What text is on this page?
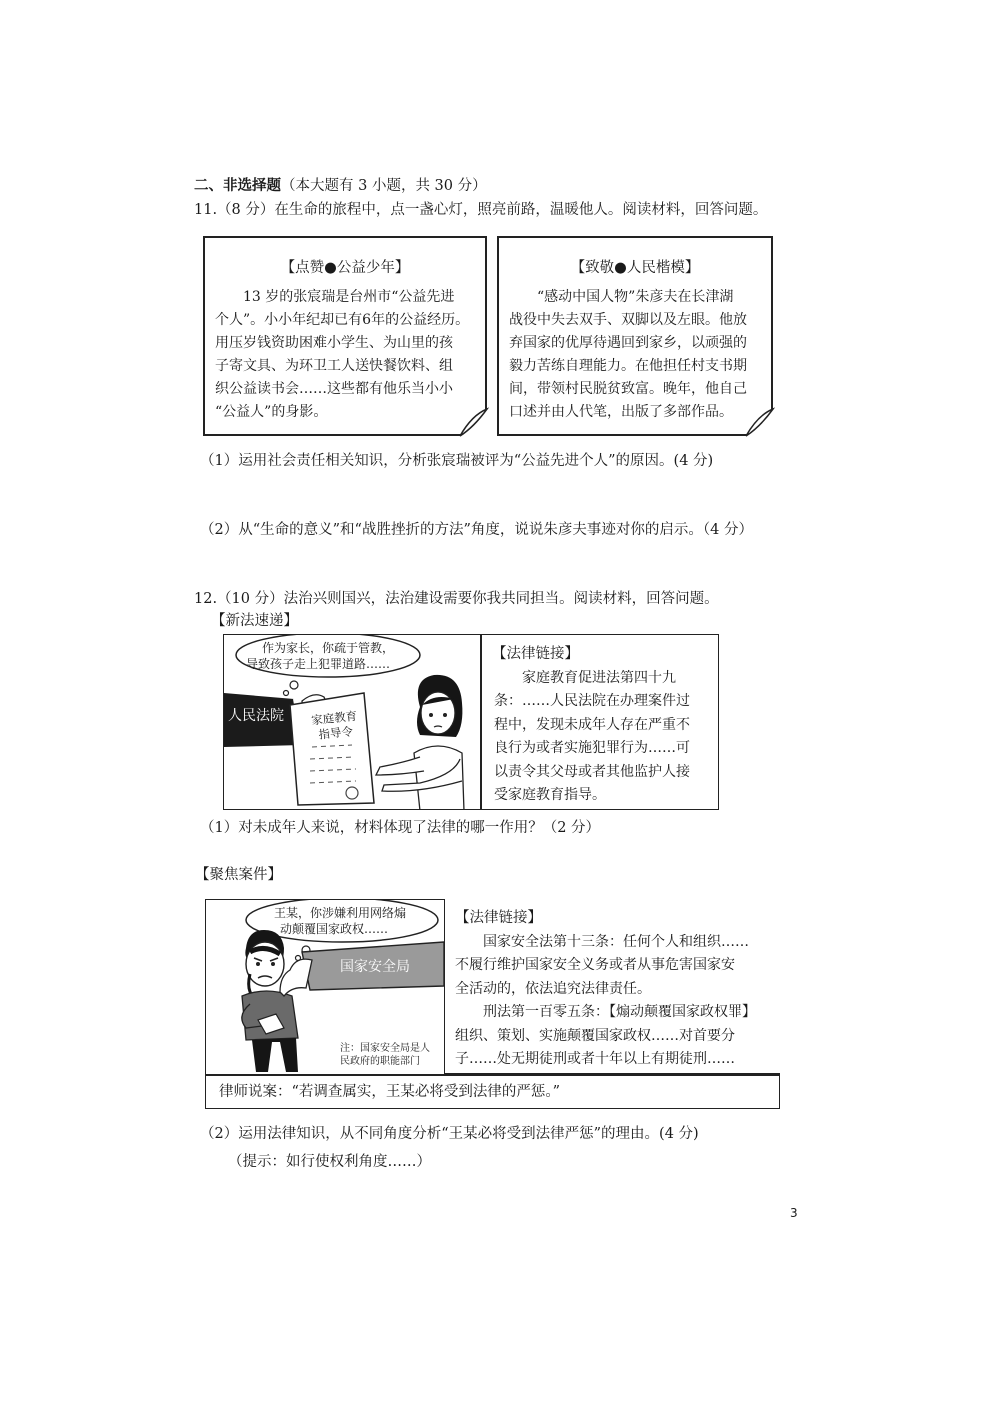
二、非选择题（本大题有 3 小题，共 30 分）
11.（8 分）在生命的旅程中，点一盏心灯，照亮前路，温暖他人。阅读材料，回答问题。
【点赞●公益少年】
13 岁的张宸瑞是台州市“公益先进
个人”。小小年纪却已有6年的公益经历。
用压岁钱资助困难小学生、为山里的孩
子寄文具、为环卫工人送快餐饮料、组
织公益读书会……这些都有他乐当小小
“公益人”的身影。
【致敬●人民楷模】
“感动中国人物”朱彦夫在长津湖
战役中失去双手、双脚以及左眼。他放
弃国家的优厚待遇回到家乡，以顽强的
毅力苦练自理能力。在他担任村支书期
间，带领村民脱贫致富。晚年，他自己
口述并由人代笔，出版了多部作品。
（1）运用社会责任相关知识，分析张宸瑞被评为“公益先进个人”的原因。(4 分)
（2）从“生命的意义”和“战胜挫折的方法”角度，说说朱彦夫事迹对你的启示。（4 分）
12.（10 分）法治兴则国兴，法治建设需要你我共同担当。阅读材料，回答问题。
【新法速递】
作为家长，你疏于管教，
导致孩子走上犯罪道路……
人民法院 家庭教育
指导令
【法律链接】
家庭教育促进法第四十九
条：……人民法院在办理案件过
程中，发现未成年人存在严重不
良行为或者实施犯罪行为……可
以责令其父母或者其他监护人接
受家庭教育指导。
（1）对未成年人来说，材料体现了法律的哪一作用？（2 分）
【聚焦案件】
王某，你涉嫌利用网络煽
动颠覆国家政权……
国家安全局
注：国家安全局是人
民政府的职能部门
【法律链接】
国家安全法第十三条：任何个人和组织……
不履行维护国家安全义务或者从事危害国家安
全活动的，依法追究法律责任。
刑法第一百零五条：【煽动颠覆国家政权罪】
组织、策划、实施颠覆国家政权……对首要分
子……处无期徒刑或者十年以上有期徒刑……
律师说案：“若调查属实，王某必将受到法律的严惩。”
（2）运用法律知识，从不同角度分析“王某必将受到法律严惩”的理由。(4 分)
（提示：如行使权利角度……）
3
